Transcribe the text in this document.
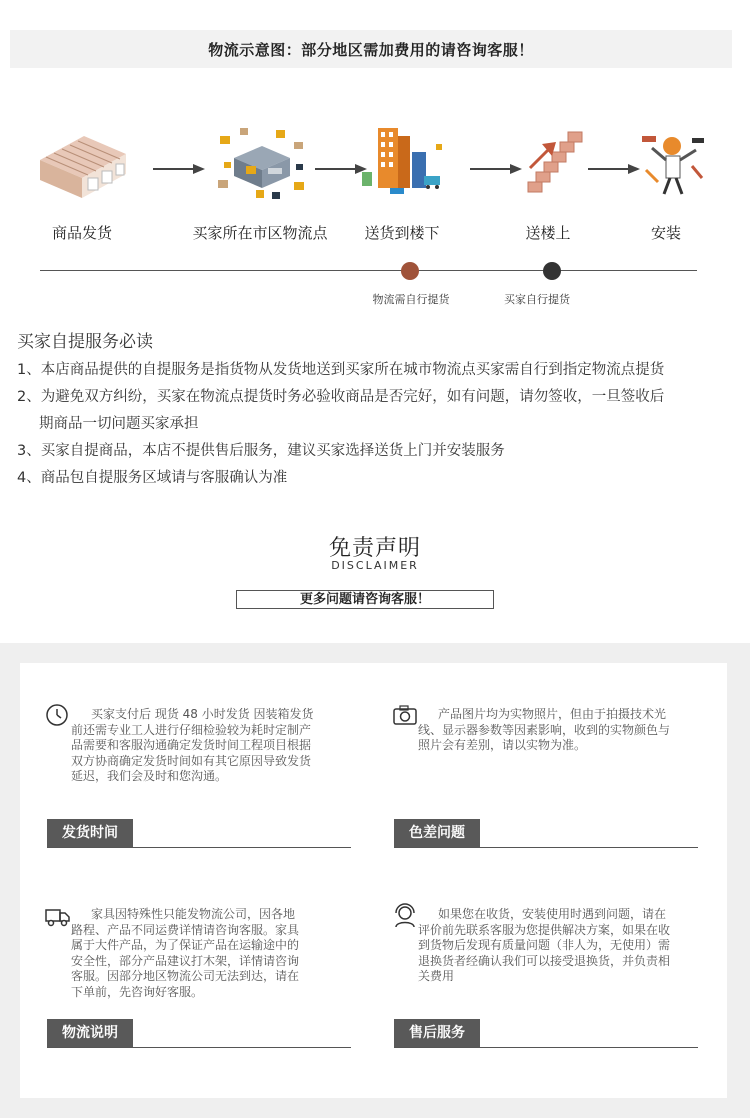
物流示意图：部分地区需加费用的请咨询客服！
商品发货	买家所在市区物流点	送货到楼下	送楼上	安装
物流需自行提货	买家自行提货
买家自提服务必读
1、本店商品提供的自提服务是指货物从发货地送到买家所在城市物流点买家需自行到指定物流点提货
2、为避免双方纠纷，买家在物流点提货时务必验收商品是否完好，如有问题，请勿签收，一旦签收后
期商品一切问题买家承担
3、买家自提商品，本店不提供售后服务，建议买家选择送货上门并安装服务
4、商品包自提服务区域请与客服确认为准
免责声明
DISCLAIMER
更多问题请咨询客服！
买家支付后 现货 48 小时发货 因装箱发货
前还需专业工人进行仔细检验较为耗时定制产
品需要和客服沟通确定发货时间工程项目根据
双方协商确定发货时间如有其它原因导致发货
延迟，我们会及时和您沟通。
发货时间
产品图片均为实物照片，但由于拍摄技术光
线、显示器参数等因素影响，收到的实物颜色与
照片会有差别，请以实物为准。
色差问题
家具因特殊性只能发物流公司，因各地
路程、产品不同运费详情请咨询客服。家具
属于大件产品，为了保证产品在运输途中的
安全性，部分产品建议打木架，详情请咨询
客服。因部分地区物流公司无法到达，请在
下单前，先咨询好客服。
物流说明
如果您在收货，安装使用时遇到问题，请在
评价前先联系客服为您提供解决方案，如果在收
到货物后发现有质量问题（非人为，无使用）需
退换货者经确认我们可以接受退换货，并负责相
关费用
售后服务
